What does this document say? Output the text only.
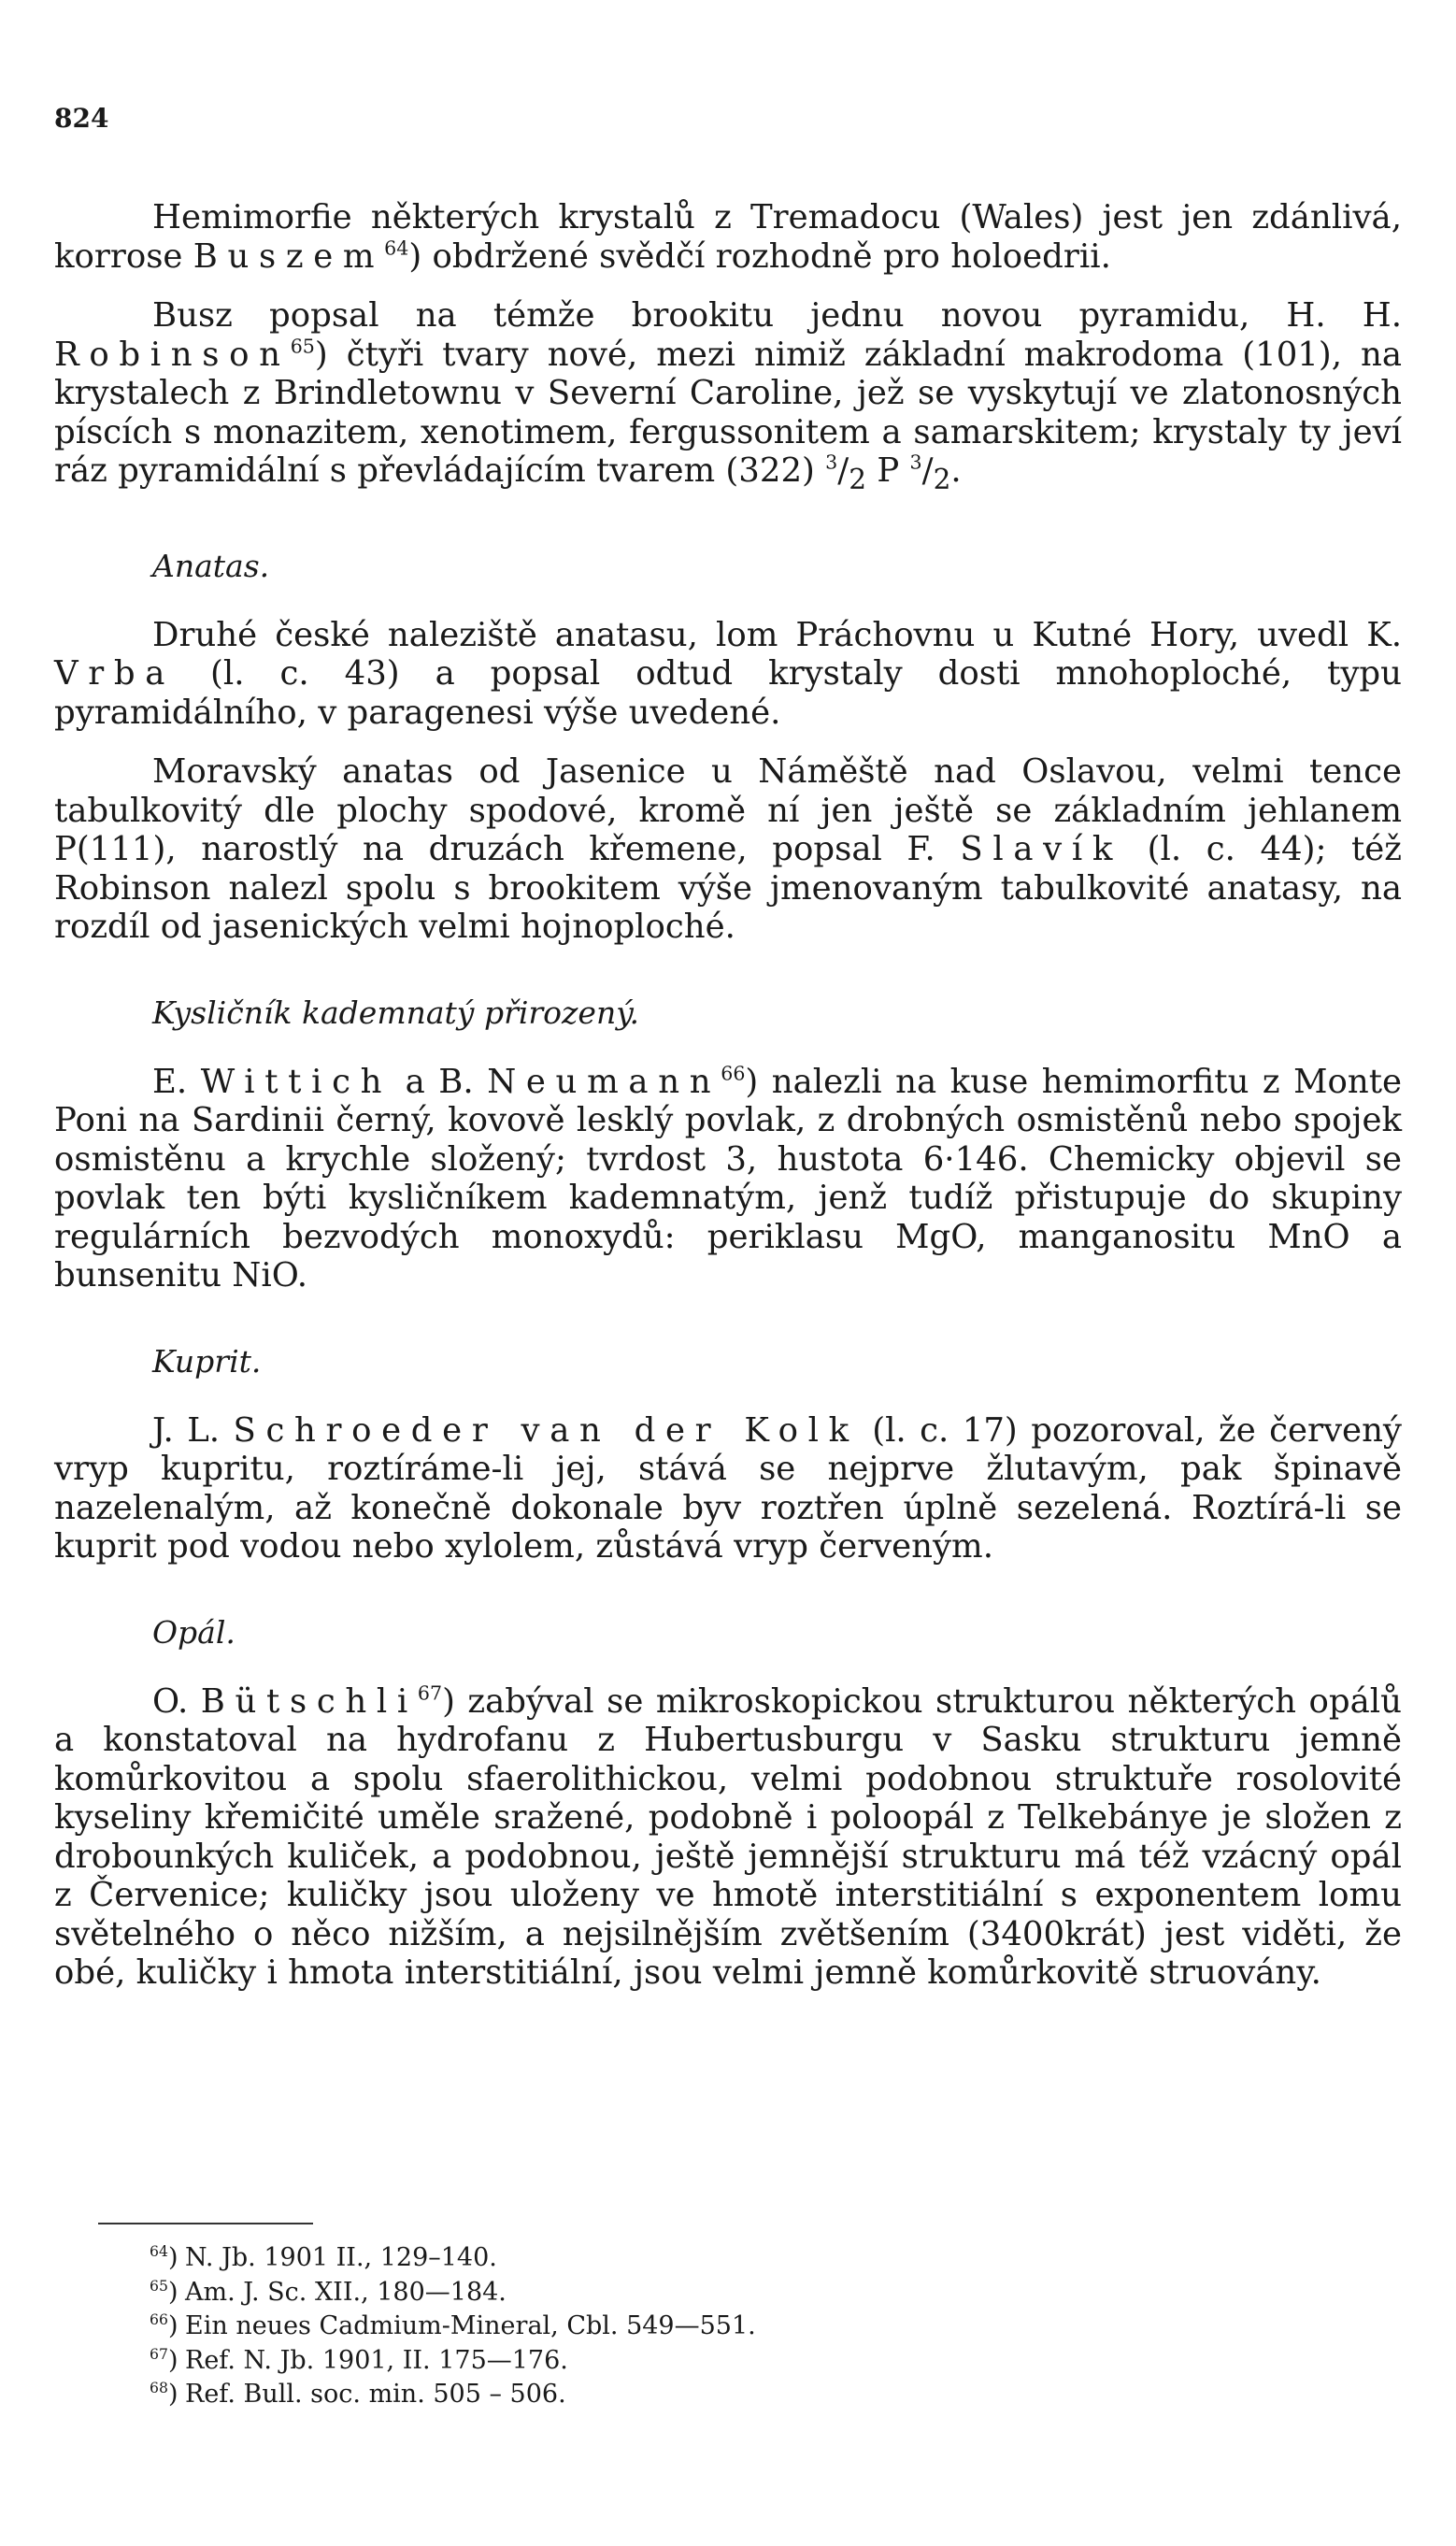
824

Hemimorfie některých krystalů z Tremadocu (Wales) jest jen zdánlivá, korrose Buszem$^{64}$) obdržené svědčí rozhodně pro holoedrii.

Busz popsal na témže brookitu jednu novou pyramidu, H. H. Robinson$^{65}$) čtyři tvary nové, mezi nimiž základní makrodoma (101), na krystalech z Brindletownu v Severní Caroline, jež se vyskytují ve zlatonosných píscích s monazitem, xenotimem, fergussonitem a samarskitem; krystaly ty jeví ráz pyramidální s převládajícím tvarem (322) $^3/_2$ P $^3/_2$.

Anatas.

Druhé české naleziště anatasu, lom Práchovnu u Kutné Hory, uvedl K. Vrba (l. c. 43) a popsal odtud krystaly dosti mnohoploché, typu pyramidálního, v paragenesi výše uvedené.

Moravský anatas od Jasenice u Náměště nad Oslavou, velmi tence tabulkovitý dle plochy spodové, kromě ní jen ještě se základním jehlanem P(111), narostlý na druzách křemene, popsal F. Slavík (l. c. 44); též Robinson nalezl spolu s brookitem výše jmenovaným tabulkovité anatasy, na rozdíl od jasenických velmi hojnoploché.

Kysličník kademnatý přirozený.

E. Wittich a B. Neumann$^{66}$) nalezli na kuse hemimorfitu z Monte Poni na Sardinii černý, kovově lesklý povlak, z drobných osmistěnů nebo spojek osmistěnu a krychle složený; tvrdost 3, hustota 6·146. Chemicky objevil se povlak ten býti kysličníkem kademnatým, jenž tudíž přistupuje do skupiny regulárních bezvodých monoxydů: periklasu MgO, manganositu MnO a bunsenitu NiO.

Kuprit.

J. L. Schroeder van der Kolk (l. c. 17) pozoroval, že červený vryp kupritu, roztíráme-li jej, stává se nejprve žlutavým, pak špinavě nazelenalým, až konečně dokonale byv roztřen úplně sezelená. Roztírá-li se kuprit pod vodou nebo xylolem, zůstává vryp červeným.

Opál.

O. Bütschli$^{67}$) zabýval se mikroskopickou strukturou některých opálů a konstatoval na hydrofanu z Hubertusburgu v Sasku strukturu jemně komůrkovitou a spolu sfaerolithickou, velmi podobnou struktuře rosolovité kyseliny křemičité uměle sražené, podobně i poloopál z Telkebánye je složen z drobounkých kuliček, a podobnou, ještě jemnější strukturu má též vzácný opál z Červenice; kuličky jsou uloženy ve hmotě interstitiální s exponentem lomu světelného o něco nižším, a nejsilnějším zvětšením (3400krát) jest viděti, že obé, kuličky i hmota interstitiální, jsou velmi jemně komůrkovitě struovány.

$^{64}$) N. Jb. 1901 II., 129–140.

$^{65}$) Am. J. Sc. XII., 180—184.

$^{66}$) Ein neues Cadmium-Mineral, Cbl. 549—551.

$^{67}$) Ref. N. Jb. 1901, II. 175—176.

$^{68}$) Ref. Bull. soc. min. 505 – 506.
